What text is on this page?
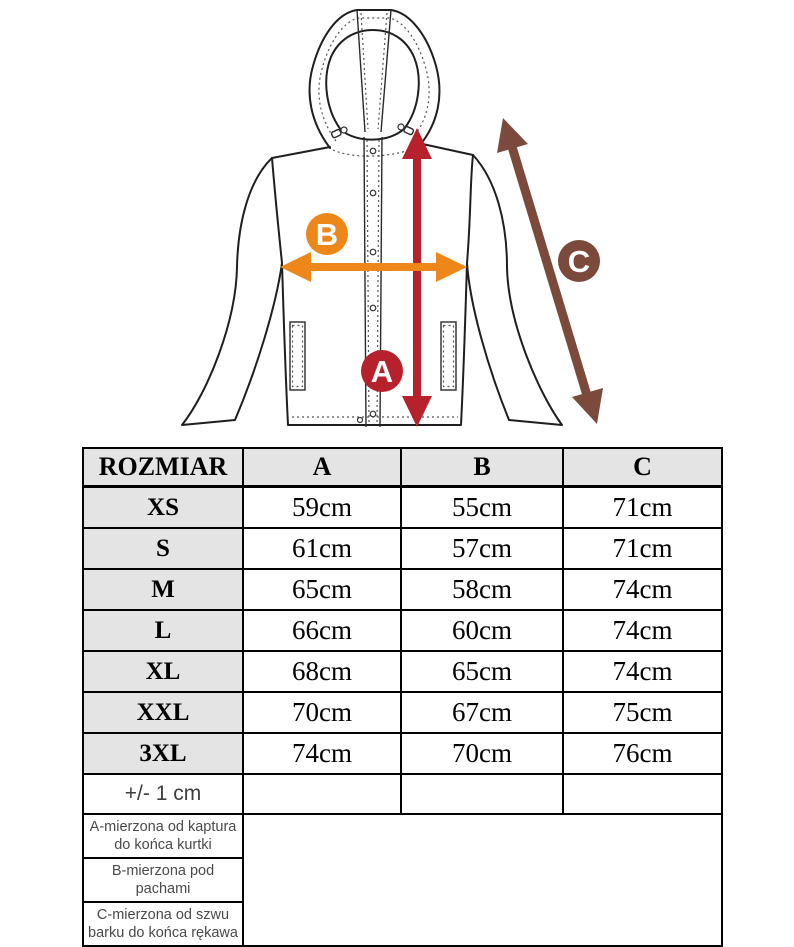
B
A
C
ROZMIAR	A	B	C
XS	59cm	55cm	71cm
S	61cm	57cm	71cm
M	65cm	58cm	74cm
L	66cm	60cm	74cm
XL	68cm	65cm	74cm
XXL	70cm	67cm	75cm
3XL	74cm	70cm	76cm
+/- 1 cm			
A-mierzona od kaptura do końca kurtki			
B-mierzona pod pachami			
C-mierzona od szwu barku do końca rękawa			
